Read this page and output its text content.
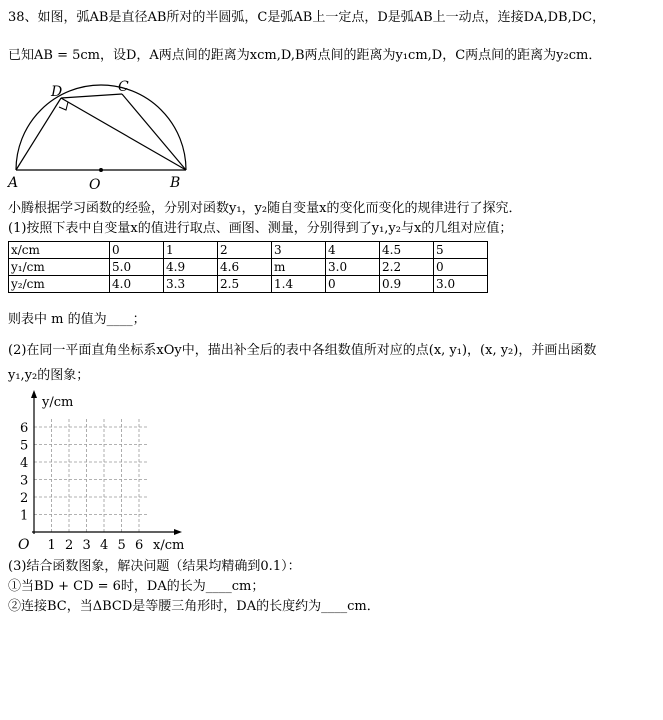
38、如图，弧AB是直径AB所对的半圆弧，C是弧AB上一定点，D是弧AB上一动点，连接DA,DB,DC，
已知AB = 5cm，设D，A两点间的距离为xcm,D,B两点间的距离为y₁cm,D，C两点间的距离为y₂cm．
A	B
O
D	C
小腾根据学习函数的经验，分别对函数y₁，y₂随自变量x的变化而变化的规律进行了探究．
(1)按照下表中自变量x的值进行取点、画图、测量，分别得到了y₁,y₂与x的几组对应值；
x/cm	0	1	2	3	4	4.5	5
y₁/cm	5.0	4.9	4.6	m	3.0	2.2	0
y₂/cm	4.0	3.3	2.5	1.4	0	0.9	3.0
则表中 m 的值为____；
(2)在同一平面直角坐标系xOy中，描出补全后的表中各组数值所对应的点(x, y₁)，(x, y₂)，并画出函数
y₁,y₂的图象；
1 2 3 4 5 6
1
2
3
4
5
6
O	x/cm
y/cm
(3)结合函数图象，解决问题（结果均精确到0.1）：
①当BD + CD = 6时，DA的长为____cm；
②连接BC，当ΔBCD是等腰三角形时，DA的长度约为____cm．
